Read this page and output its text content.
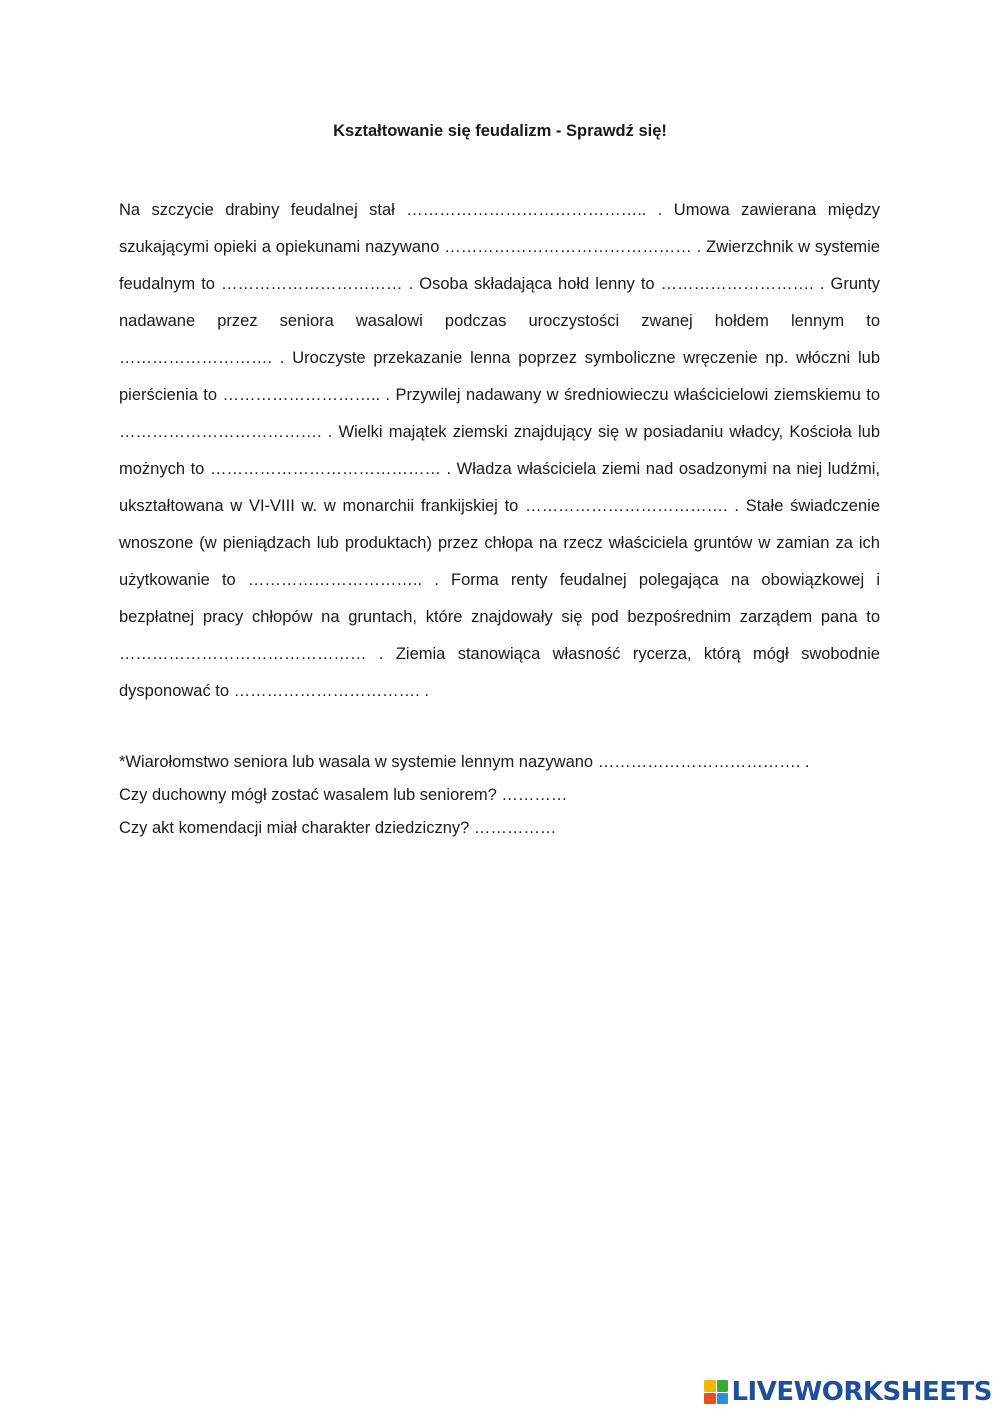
Kształtowanie się feudalizm - Sprawdź się!

Na szczycie drabiny feudalnej stał …………………………………….. . Umowa zawierana między szukającymi opieki a opiekunami nazywano ……………………………………… . Zwierzchnik w systemie feudalnym to …………………………… . Osoba składająca hołd lenny to ………………………. . Grunty nadawane przez seniora wasalowi podczas uroczystości zwanej hołdem lennym to ………………………. . Uroczyste przekazanie lenna poprzez symboliczne wręczenie np. włóczni lub pierścienia to ……………………….. . Przywilej nadawany w średniowieczu właścicielowi ziemskiemu to ………………………………. . Wielki majątek ziemski znajdujący się w posiadaniu władcy, Kościoła lub możnych to …………………………………… . Władza właściciela ziemi nad osadzonymi na niej ludźmi, ukształtowana w VI-VIII w. w monarchii frankijskiej to ………………………………. . Stałe świadczenie wnoszone (w pieniądzach lub produktach) przez chłopa na rzecz właściciela gruntów w zamian za ich użytkowanie to ………………………….. . Forma renty feudalnej polegająca na obowiązkowej i bezpłatnej pracy chłopów na gruntach, które znajdowały się pod bezpośrednim zarządem pana to ……………………………………… . Ziemia stanowiąca własność rycerza, którą mógł swobodnie dysponować to ……………………………. .

*Wiarołomstwo seniora lub wasala w systemie lennym nazywano ………………………………. .
Czy duchowny mógł zostać wasalem lub seniorem? …………
Czy akt komendacji miał charakter dziedziczny? ……………
LIVEWORKSHEETS
